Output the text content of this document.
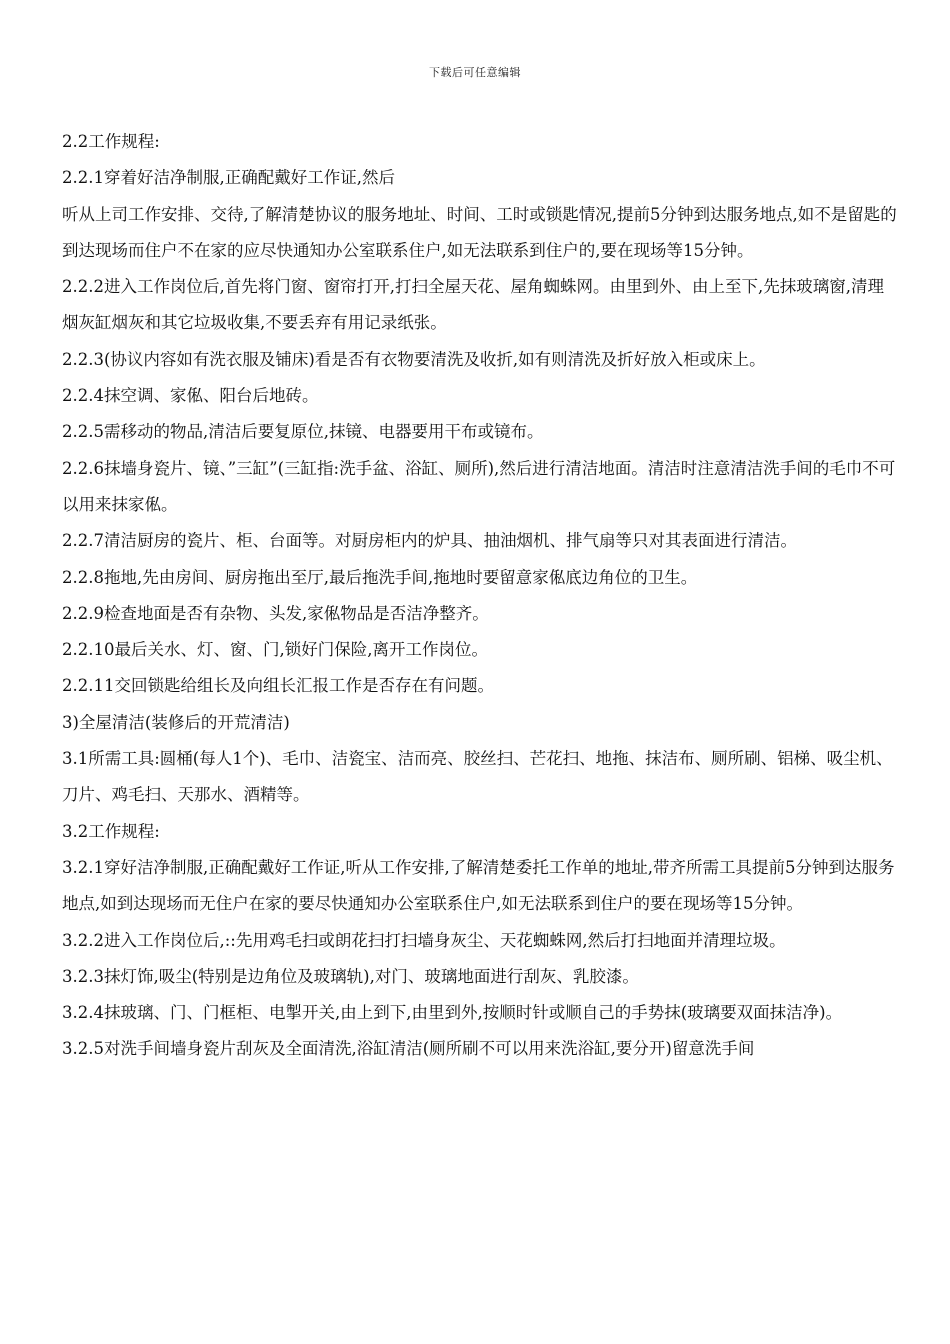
下载后可任意编辑

2.2工作规程:

2.2.1穿着好洁净制服,正确配戴好工作证,然后

听从上司工作安排、交待,了解清楚协议的服务地址、时间、工时或锁匙情况,提前5分钟到达服务地点,如不是留匙的到达现场而住户不在家的应尽快通知办公室联系住户,如无法联系到住户的,要在现场等15分钟。

2.2.2进入工作岗位后,首先将门窗、窗帘打开,打扫全屋天花、屋角蜘蛛网。由里到外、由上至下,先抹玻璃窗,清理烟灰缸烟灰和其它垃圾收集,不要丢弃有用记录纸张。

2.2.3(协议内容如有洗衣服及铺床)看是否有衣物要清洗及收折,如有则清洗及折好放入柜或床上。

2.2.4抹空调、家俬、阳台后地砖。

2.2.5需移动的物品,清洁后要复原位,抹镜、电器要用干布或镜布。

2.2.6抹墙身瓷片、镜、”三缸”(三缸指:洗手盆、浴缸、厕所),然后进行清洁地面。清洁时注意清洁洗手间的毛巾不可以用来抹家俬。

2.2.7清洁厨房的瓷片、柜、台面等。对厨房柜内的炉具、抽油烟机、排气扇等只对其表面进行清洁。

2.2.8拖地,先由房间、厨房拖出至厅,最后拖洗手间,拖地时要留意家俬底边角位的卫生。

2.2.9检查地面是否有杂物、头发,家俬物品是否洁净整齐。

2.2.10最后关水、灯、窗、门,锁好门保险,离开工作岗位。

2.2.11交回锁匙给组长及向组长汇报工作是否存在有问题。

3)全屋清洁(装修后的开荒清洁)

3.1所需工具:圆桶(每人1个)、毛巾、洁瓷宝、洁而亮、胶丝扫、芒花扫、地拖、抹洁布、厕所刷、铝梯、吸尘机、刀片、鸡毛扫、天那水、酒精等。

3.2工作规程:

3.2.1穿好洁净制服,正确配戴好工作证,听从工作安排,了解清楚委托工作单的地址,带齐所需工具提前5分钟到达服务地点,如到达现场而无住户在家的要尽快通知办公室联系住户,如无法联系到住户的要在现场等15分钟。

3.2.2进入工作岗位后,::先用鸡毛扫或朗花扫打扫墙身灰尘、天花蜘蛛网,然后打扫地面并清理垃圾。

3.2.3抹灯饰,吸尘(特别是边角位及玻璃轨),对门、玻璃地面进行刮灰、乳胶漆。

3.2.4抹玻璃、门、门框柜、电掣开关,由上到下,由里到外,按顺时针或顺自己的手势抹(玻璃要双面抹洁净)。

3.2.5对洗手间墙身瓷片刮灰及全面清洗,浴缸清洁(厕所刷不可以用来洗浴缸,要分开)留意洗手间
